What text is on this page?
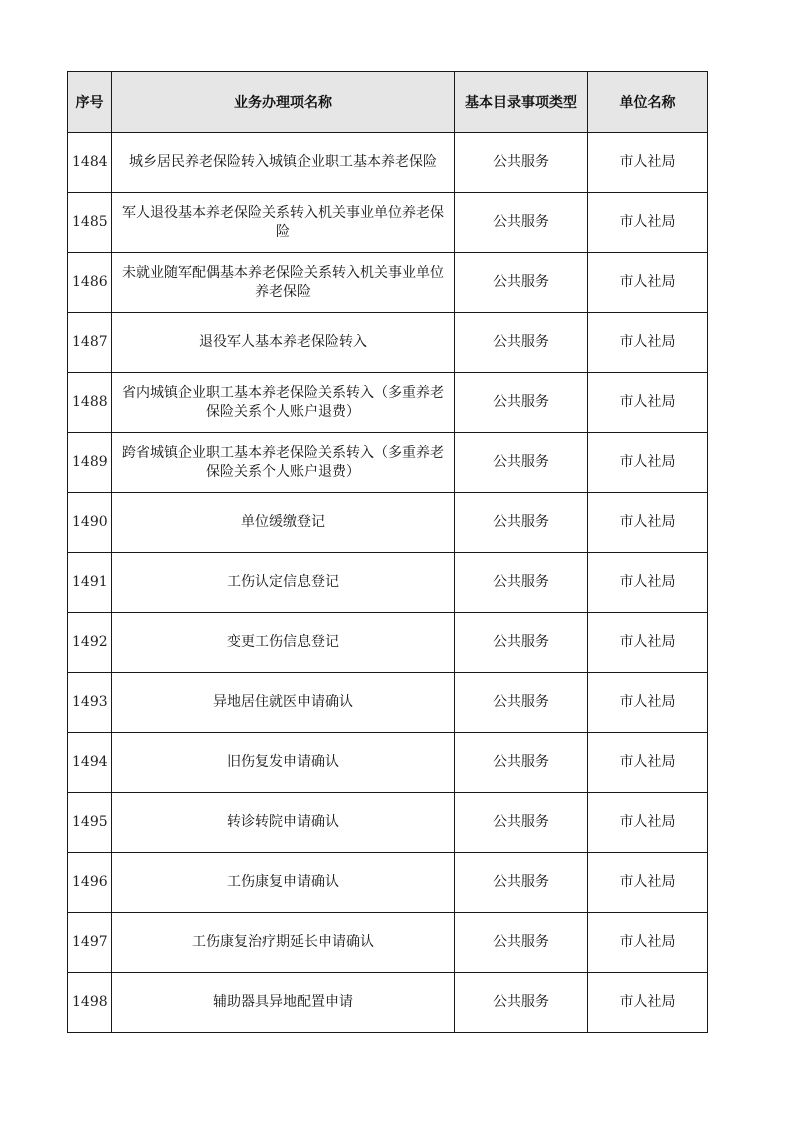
序号	业务办理项名称	基本目录事项类型	单位名称
1484	城乡居民养老保险转入城镇企业职工基本养老保险	公共服务	市人社局
1485	军人退役基本养老保险关系转入机关事业单位养老保险	公共服务	市人社局
1486	未就业随军配偶基本养老保险关系转入机关事业单位养老保险	公共服务	市人社局
1487	退役军人基本养老保险转入	公共服务	市人社局
1488	省内城镇企业职工基本养老保险关系转入（多重养老保险关系个人账户退费）	公共服务	市人社局
1489	跨省城镇企业职工基本养老保险关系转入（多重养老保险关系个人账户退费）	公共服务	市人社局
1490	单位缓缴登记	公共服务	市人社局
1491	工伤认定信息登记	公共服务	市人社局
1492	变更工伤信息登记	公共服务	市人社局
1493	异地居住就医申请确认	公共服务	市人社局
1494	旧伤复发申请确认	公共服务	市人社局
1495	转诊转院申请确认	公共服务	市人社局
1496	工伤康复申请确认	公共服务	市人社局
1497	工伤康复治疗期延长申请确认	公共服务	市人社局
1498	辅助器具异地配置申请	公共服务	市人社局
